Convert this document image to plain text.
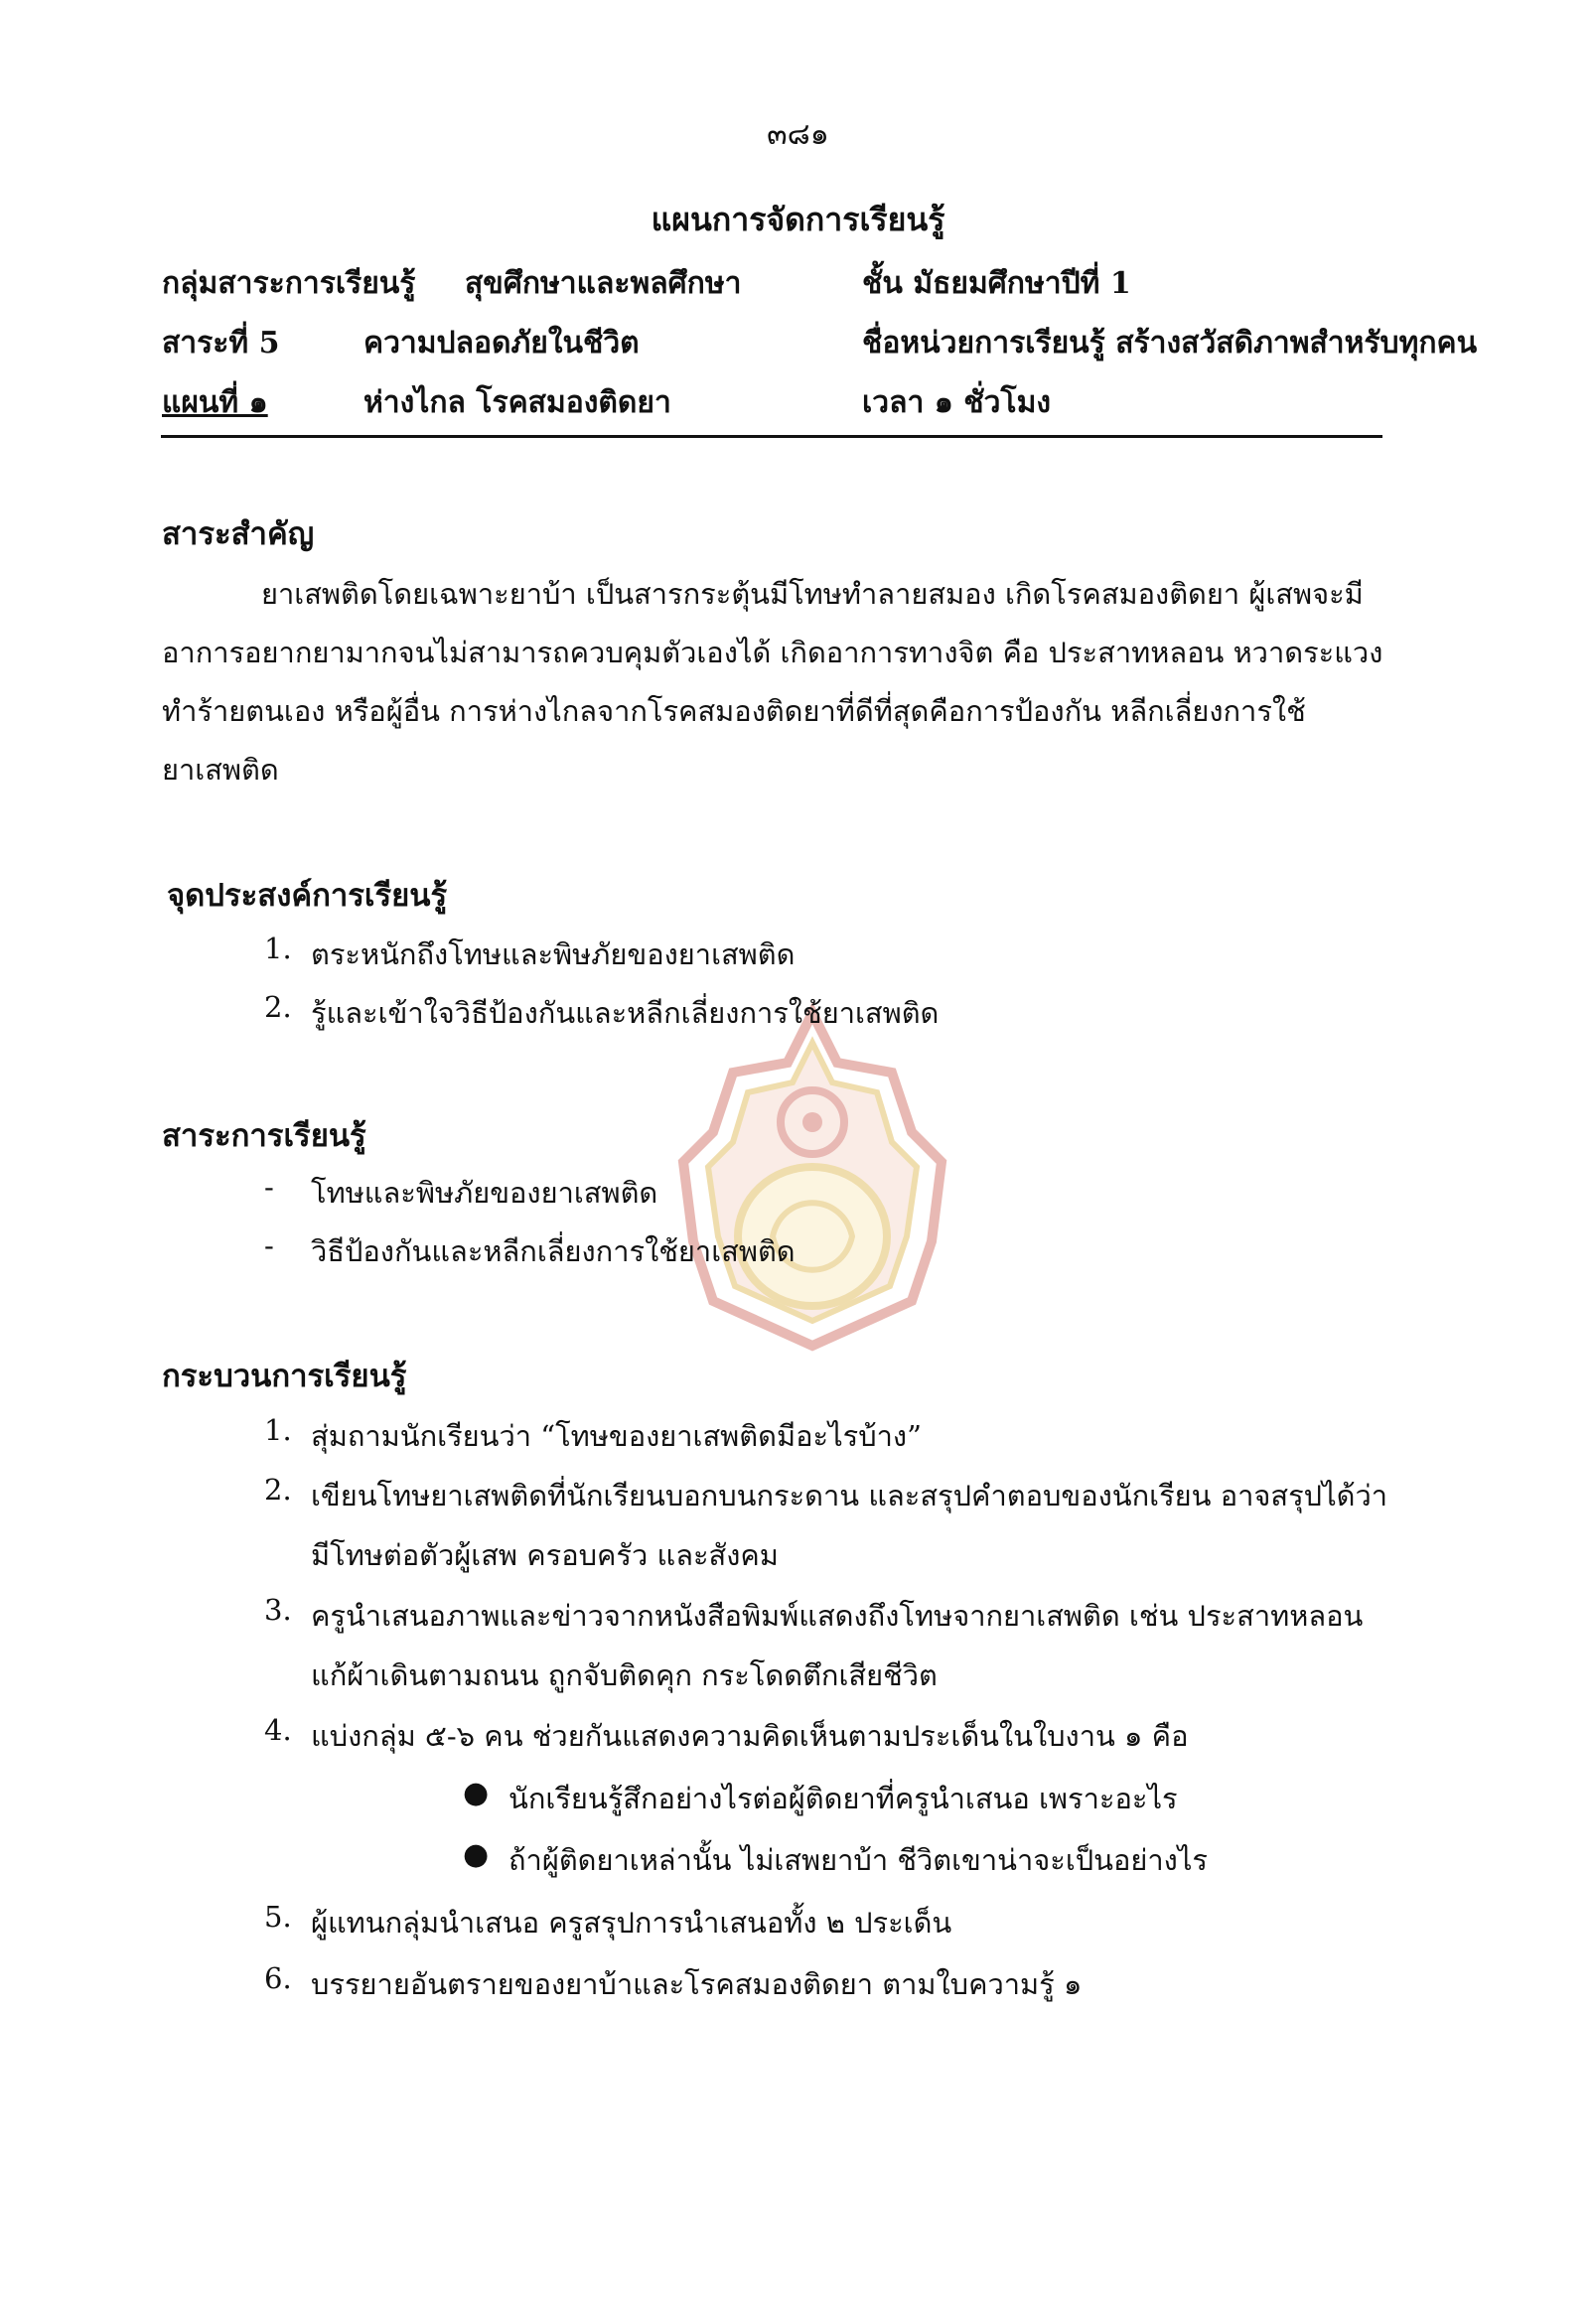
๓๘๑
แผนการจัดการเรียนรู้
กลุ่มสาระการเรียนรู้ สุขศึกษาและพลศึกษา	ชั้น มัธยมศึกษาปีที่ 1
สาระที่ 5	ความปลอดภัยในชีวิต	ชื่อหน่วยการเรียนรู้ สร้างสวัสดิภาพสำหรับทุกคน
แผนที่ ๑	ห่างไกล โรคสมองติดยา	เวลา ๑ ชั่วโมง
สาระสำคัญ
ยาเสพติดโดยเฉพาะยาบ้า เป็นสารกระตุ้นมีโทษทำลายสมอง เกิดโรคสมองติดยา ผู้เสพจะมี
อาการอยากยามากจนไม่สามารถควบคุมตัวเองได้ เกิดอาการทางจิต คือ ประสาทหลอน หวาดระแวง
ทำร้ายตนเอง หรือผู้อื่น การห่างไกลจากโรคสมองติดยาที่ดีที่สุดคือการป้องกัน หลีกเลี่ยงการใช้
ยาเสพติด
จุดประสงค์การเรียนรู้
1. ตระหนักถึงโทษและพิษภัยของยาเสพติด
2. รู้และเข้าใจวิธีป้องกันและหลีกเลี่ยงการใช้ยาเสพติด
สาระการเรียนรู้
- โทษและพิษภัยของยาเสพติด
- วิธีป้องกันและหลีกเลี่ยงการใช้ยาเสพติด
กระบวนการเรียนรู้
1. สุ่มถามนักเรียนว่า “โทษของยาเสพติดมีอะไรบ้าง”
2. เขียนโทษยาเสพติดที่นักเรียนบอกบนกระดาน และสรุปคำตอบของนักเรียน อาจสรุปได้ว่า
มีโทษต่อตัวผู้เสพ ครอบครัว และสังคม
3. ครูนำเสนอภาพและข่าวจากหนังสือพิมพ์แสดงถึงโทษจากยาเสพติด เช่น ประสาทหลอน
แก้ผ้าเดินตามถนน ถูกจับติดคุก กระโดดตึกเสียชีวิต
4. แบ่งกลุ่ม ๕-๖ คน ช่วยกันแสดงความคิดเห็นตามประเด็นในใบงาน ๑ คือ
● นักเรียนรู้สึกอย่างไรต่อผู้ติดยาที่ครูนำเสนอ เพราะอะไร
● ถ้าผู้ติดยาเหล่านั้น ไม่เสพยาบ้า ชีวิตเขาน่าจะเป็นอย่างไร
5. ผู้แทนกลุ่มนำเสนอ ครูสรุปการนำเสนอทั้ง ๒ ประเด็น
6. บรรยายอันตรายของยาบ้าและโรคสมองติดยา ตามใบความรู้ ๑
